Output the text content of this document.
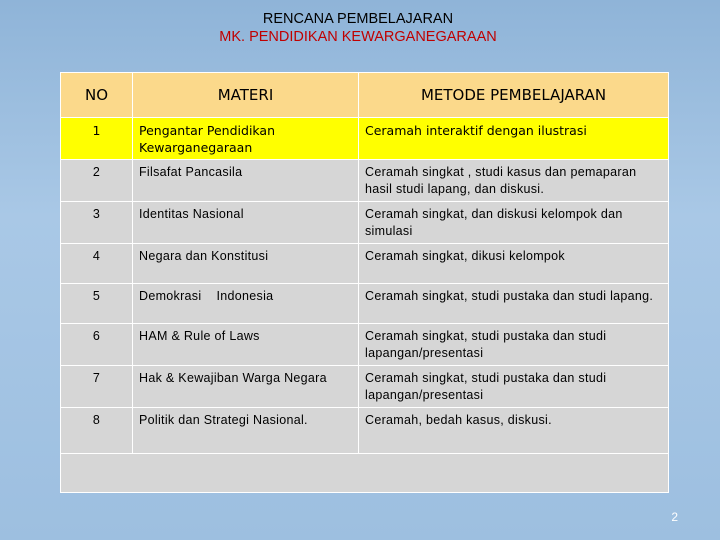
RENCANA PEMBELAJARAN
MK. PENDIDIKAN KEWARGANEGARAAN
NO	MATERI	METODE PEMBELAJARAN

1	Pengantar Pendidikan Kewarganegaraan	Ceramah interaktif dengan ilustrasi

2	Filsafat Pancasila	Ceramah singkat , studi kasus dan pemaparan hasil studi lapang, dan diskusi.

3	Identitas Nasional	Ceramah singkat, dan diskusi kelompok dan simulasi

4	Negara dan Konstitusi	Ceramah singkat, dikusi kelompok

5	Demokrasi    Indonesia	Ceramah singkat, studi pustaka dan studi lapang.

6	HAM & Rule of Laws	Ceramah singkat, studi pustaka dan studi lapangan/presentasi

7	Hak & Kewajiban Warga Negara	Ceramah singkat, studi pustaka dan studi lapangan/presentasi

8	Politik dan Strategi Nasional.	Ceramah, bedah kasus, diskusi.

2
